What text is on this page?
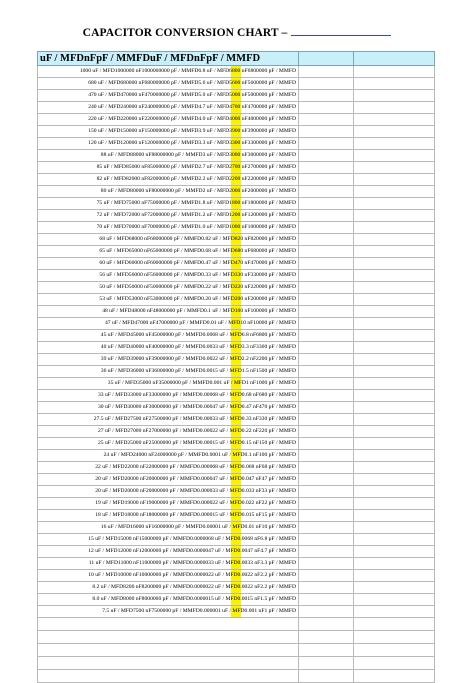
CAPACITOR CONVERSION CHART –
uF / MFDnFpF / MMFDuF / MFDnFpF / MMFD
1000 uF / MFD1000000 nF1000000000 pF / MMFD6.8 uF / MFD6800 nF6800000 pF / MMFD
680 uF / MFD680000 nF680000000 pF / MMFD5.6 uF / MFD5600 nF5600000 pF / MMFD
470 uF / MFD470000 nF470000000 pF / MMFD5.0 uF / MFD5000 nF5000000 pF / MMFD
240 uF / MFD240000 nF240000000 pF / MMFD4.7 uF / MFD4700 nF4700000 pF / MMFD
220 uF / MFD220000 nF220000000 pF / MMFD4.0 uF / MFD4000 nF4000000 pF / MMFD
150 uF / MFD150000 nF150000000 pF / MMFD3.9 uF / MFD3900 nF3900000 pF / MMFD
120 uF / MFD120000 nF120000000 pF / MMFD3.3 uF / MFD3300 nF3300000 pF / MMFD
88 uF / MFD88000 nF88000000 pF / MMFD3 uF / MFD3000 nF3000000 pF / MMFD
85 uF / MFD85000 nF85000000 pF / MMFD2.7 uF / MFD2700 nF2700000 pF / MMFD
82 uF / MFD82000 nF82000000 pF / MMFD2.2 uF / MFD2200 nF2200000 pF / MMFD
80 uF / MFD80000 nF80000000 pF / MMFD2 uF / MFD2000 nF2000000 pF / MMFD
75 uF / MFD75000 nF75000000 pF / MMFD1.8 uF / MFD1800 nF1800000 pF / MMFD
72 uF / MFD72000 nF72000000 pF / MMFD1.2 uF / MFD1200 nF1200000 pF / MMFD
70 uF / MFD70000 nF70000000 pF / MMFD1.0 uF / MFD1000 nF1000000 pF / MMFD
68 uF / MFD68000 nF68000000 pF / MMFD0.82 uF / MFD820 nF820000 pF / MMFD
65 uF / MFD65000 nF65000000 pF / MMFD0.68 uF / MFD680 nF680000 pF / MMFD
60 uF / MFD60000 nF60000000 pF / MMFD0.47 uF / MFD470 nF470000 pF / MMFD
56 uF / MFD56000 nF56000000 pF / MMFD0.33 uF / MFD330 nF330000 pF / MMFD
50 uF / MFD50000 nF50000000 pF / MMFD0.22 uF / MFD220 nF220000 pF / MMFD
53 uF / MFD53000 nF53000000 pF / MMFD0.20 uF / MFD200 nF200000 pF / MMFD
48 uF / MFD48000 nF48000000 pF / MMFD0.1 uF / MFD100 nF100000 pF / MMFD
47 uF / MFD47000 nF47000000 pF / MMFD0.01 uF / MFD10 nF10000 pF / MMFD
45 uF / MFD45000 nF45000000 pF / MMFD0.0068 uF / MFD6.8 nF6800 pF / MMFD
40 uF / MFD40000 nF40000000 pF / MMFD0.0033 uF / MFD3.3 nF3300 pF / MMFD
39 uF / MFD39000 nF39000000 pF / MMFD0.0022 uF / MFD2.2 nF2200 pF / MMFD
36 uF / MFD36000 nF36000000 pF / MMFD0.0015 uF / MFD1.5 nF1500 pF / MMFD
35 uF / MFD35000 nF35000000 pF / MMFD0.001 uF / MFD1 nF1000 pF / MMFD
33 uF / MFD33000 nF33000000 pF / MMFD0.00068 uF / MFD0.68 nF680 pF / MMFD
30 uF / MFD30000 nF30000000 pF / MMFD0.00047 uF / MFD0.47 nF470 pF / MMFD
27.5 uF / MFD27500 nF27500000 pF / MMFD0.00033 uF / MFD0.33 nF330 pF / MMFD
27 uF / MFD27000 nF27000000 pF / MMFD0.00022 uF / MFD0.22 nF220 pF / MMFD
25 uF / MFD25000 nF25000000 pF / MMFD0.00015 uF / MFD0.15 nF150 pF / MMFD
24 uF / MFD24000 nF24000000 pF / MMFD0.0001 uF / MFD0.1 nF100 pF / MMFD
22 uF / MFD22000 nF22000000 pF / MMFD0.000068 uF / MFD0.068 nF68 pF / MMFD
20 uF / MFD20000 nF20000000 pF / MMFD0.000047 uF / MFD0.047 nF47 pF / MMFD
20 uF / MFD20000 nF20000000 pF / MMFD0.000033 uF / MFD0.033 nF33 pF / MMFD
19 uF / MFD19000 nF19000000 pF / MMFD0.000022 uF / MFD0.022 nF22 pF / MMFD
18 uF / MFD18000 nF18000000 pF / MMFD0.000015 uF / MFD0.015 nF15 pF / MMFD
16 uF / MFD16000 nF16000000 pF / MMFD0.00001 uF / MFD0.01 nF10 pF / MMFD
15 uF / MFD15000 nF15000000 pF / MMFD0.0000068 uF / MFD0.0068 nF6.8 pF / MMFD
12 uF / MFD12000 nF12000000 pF / MMFD0.0000047 uF / MFD0.0047 nF4.7 pF / MMFD
11 uF / MFD11000 nF11000000 pF / MMFD0.0000033 uF / MFD0.0033 nF3.3 pF / MMFD
10 uF / MFD10000 nF10000000 pF / MMFD0.0000022 uF / MFD0.0022 nF2.2 pF / MMFD
8.2 uF / MFD8200 nF8200000 pF / MMFD0.0000022 uF / MFD0.0022 nF2.2 pF / MMFD
8.0 uF / MFD8000 nF8000000 pF / MMFD0.0000015 uF / MFD0.0015 nF1.5 pF / MMFD
7.5 uF / MFD7500 nF7500000 pF / MMFD0.000001 uF / MFD0.001 nF1 pF / MMFD
